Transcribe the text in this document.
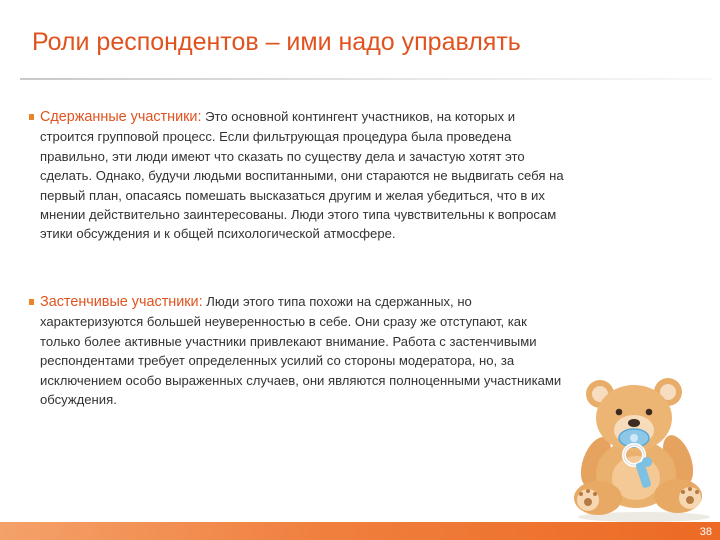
Роли респондентов – ими надо управлять
Сдержанные участники: Это основной контингент участников, на которых и
строится групповой процесс. Если фильтрующая процедура была проведена
правильно, эти люди имеют что сказать по существу дела и зачастую хотят это
сделать. Однако, будучи людьми воспитанными, они стараются не выдвигать себя на
первый план, опасаясь помешать высказаться другим и желая убедиться, что в их
мнении действительно заинтересованы. Люди этого типа чувствительны к вопросам
этики обсуждения и к общей психологической атмосфере.
Застенчивые участники: Люди этого типа похожи на сдержанных, но
характеризуются большей неуверенностью в себе. Они сразу же отступают, как
только более активные участники привлекают внимание. Работа с застенчивыми
респондентами требует определенных усилий со стороны модератора, но, за
исключением особо выраженных случаев, они являются полноценными участниками
обсуждения.
38
